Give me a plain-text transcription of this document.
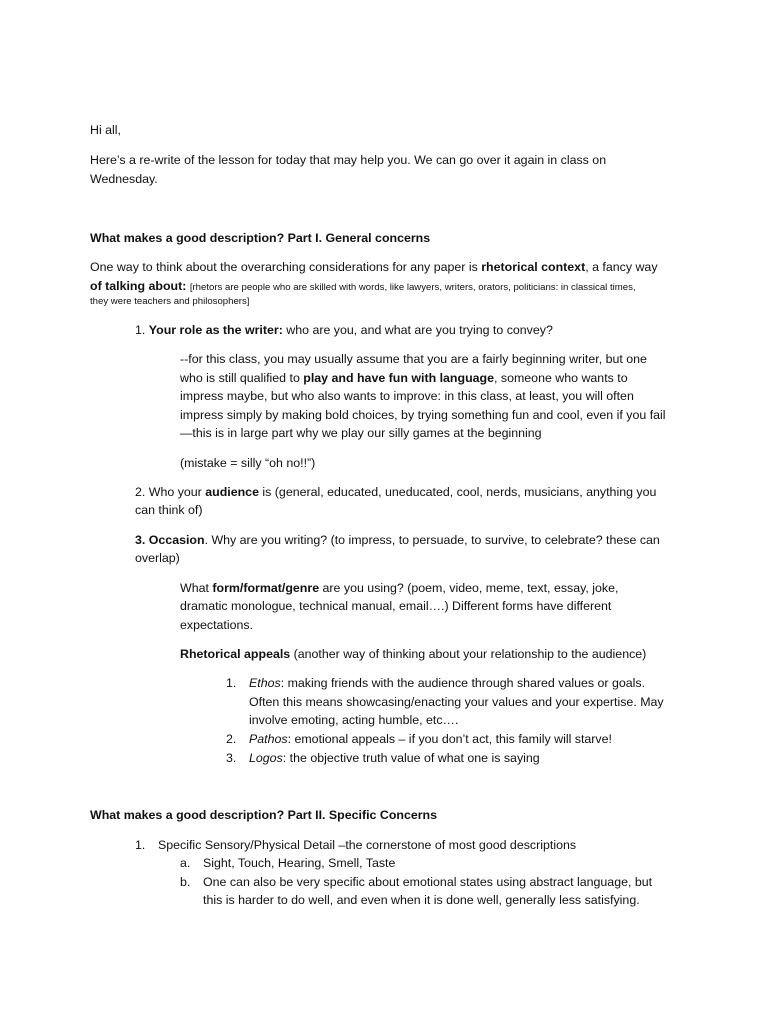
Hi all,

Here’s a re-write of the lesson for today that may help you. We can go over it again in class on

Wednesday.

What makes a good description? Part I. General concerns

One way to think about the overarching considerations for any paper is rhetorical context, a fancy way

of talking about: [rhetors are people who are skilled with words, like lawyers, writers, orators, politicians: in classical times,

they were teachers and philosophers]

1. Your role as the writer: who are you, and what are you trying to convey?

--for this class, you may usually assume that you are a fairly beginning writer, but one

who is still qualified to play and have fun with language, someone who wants to

impress maybe, but who also wants to improve: in this class, at least, you will often

impress simply by making bold choices, by trying something fun and cool, even if you fail

—this is in large part why we play our silly games at the beginning

(mistake = silly “oh no!!”)

2. Who your audience is (general, educated, uneducated, cool, nerds, musicians, anything you

can think of)

3. Occasion. Why are you writing? (to impress, to persuade, to survive, to celebrate? these can

overlap)

What form/format/genre are you using? (poem, video, meme, text, essay, joke,

dramatic monologue, technical manual, email….) Different forms have different

expectations.

Rhetorical appeals (another way of thinking about your relationship to the audience)

1. Ethos: making friends with the audience through shared values or goals.

Often this means showcasing/enacting your values and your expertise. May

involve emoting, acting humble, etc….

2. Pathos: emotional appeals – if you don’t act, this family will starve!

3. Logos: the objective truth value of what one is saying

What makes a good description? Part II. Specific Concerns

1. Specific Sensory/Physical Detail –the cornerstone of most good descriptions

a. Sight, Touch, Hearing, Smell, Taste

b. One can also be very specific about emotional states using abstract language, but

this is harder to do well, and even when it is done well, generally less satisfying.
